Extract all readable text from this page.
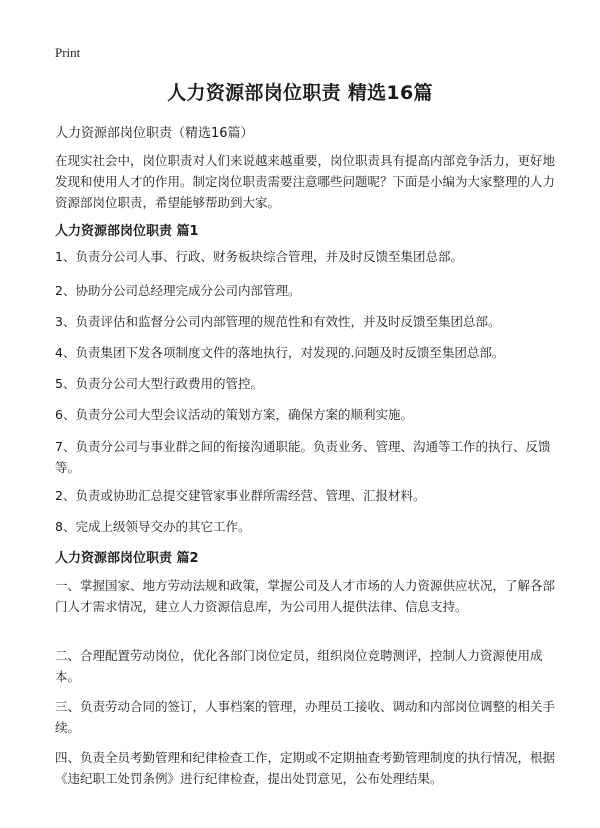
Print
人力资源部岗位职责 精选16篇

人力资源部岗位职责（精选16篇）

在现实社会中，岗位职责对人们来说越来越重要，岗位职责具有提高内部竞争活力，更好地发现和使用人才的作用。制定岗位职责需要注意哪些问题呢？下面是小编为大家整理的人力资源部岗位职责，希望能够帮助到大家。

人力资源部岗位职责 篇1

1、负责分公司人事、行政、财务板块综合管理，并及时反馈至集团总部。

2、协助分公司总经理完成分公司内部管理。

3、负责评估和监督分公司内部管理的规范性和有效性，并及时反馈至集团总部。

4、负责集团下发各项制度文件的落地执行，对发现的.问题及时反馈至集团总部。

5、负责分公司大型行政费用的管控。

6、负责分公司大型会议活动的策划方案，确保方案的顺利实施。

7、负责分公司与事业群之间的衔接沟通职能。负责业务、管理、沟通等工作的执行、反馈等。

2、负责或协助汇总提交建管家事业群所需经营、管理、汇报材料。

8、完成上级领导交办的其它工作。

人力资源部岗位职责 篇2

一、掌握国家、地方劳动法规和政策，掌握公司及人才市场的人力资源供应状况，了解各部门人才需求情况，建立人力资源信息库，为公司用人提供法律、信息支持。

二、合理配置劳动岗位，优化各部门岗位定员，组织岗位竞聘测评，控制人力资源使用成本。

三、负责劳动合同的签订，人事档案的管理，办理员工接收、调动和内部岗位调整的相关手续。

四、负责全员考勤管理和纪律检查工作，定期或不定期抽查考勤管理制度的执行情况，根据《违纪职工处罚条例》进行纪律检查，提出处罚意见，公布处理结果。
